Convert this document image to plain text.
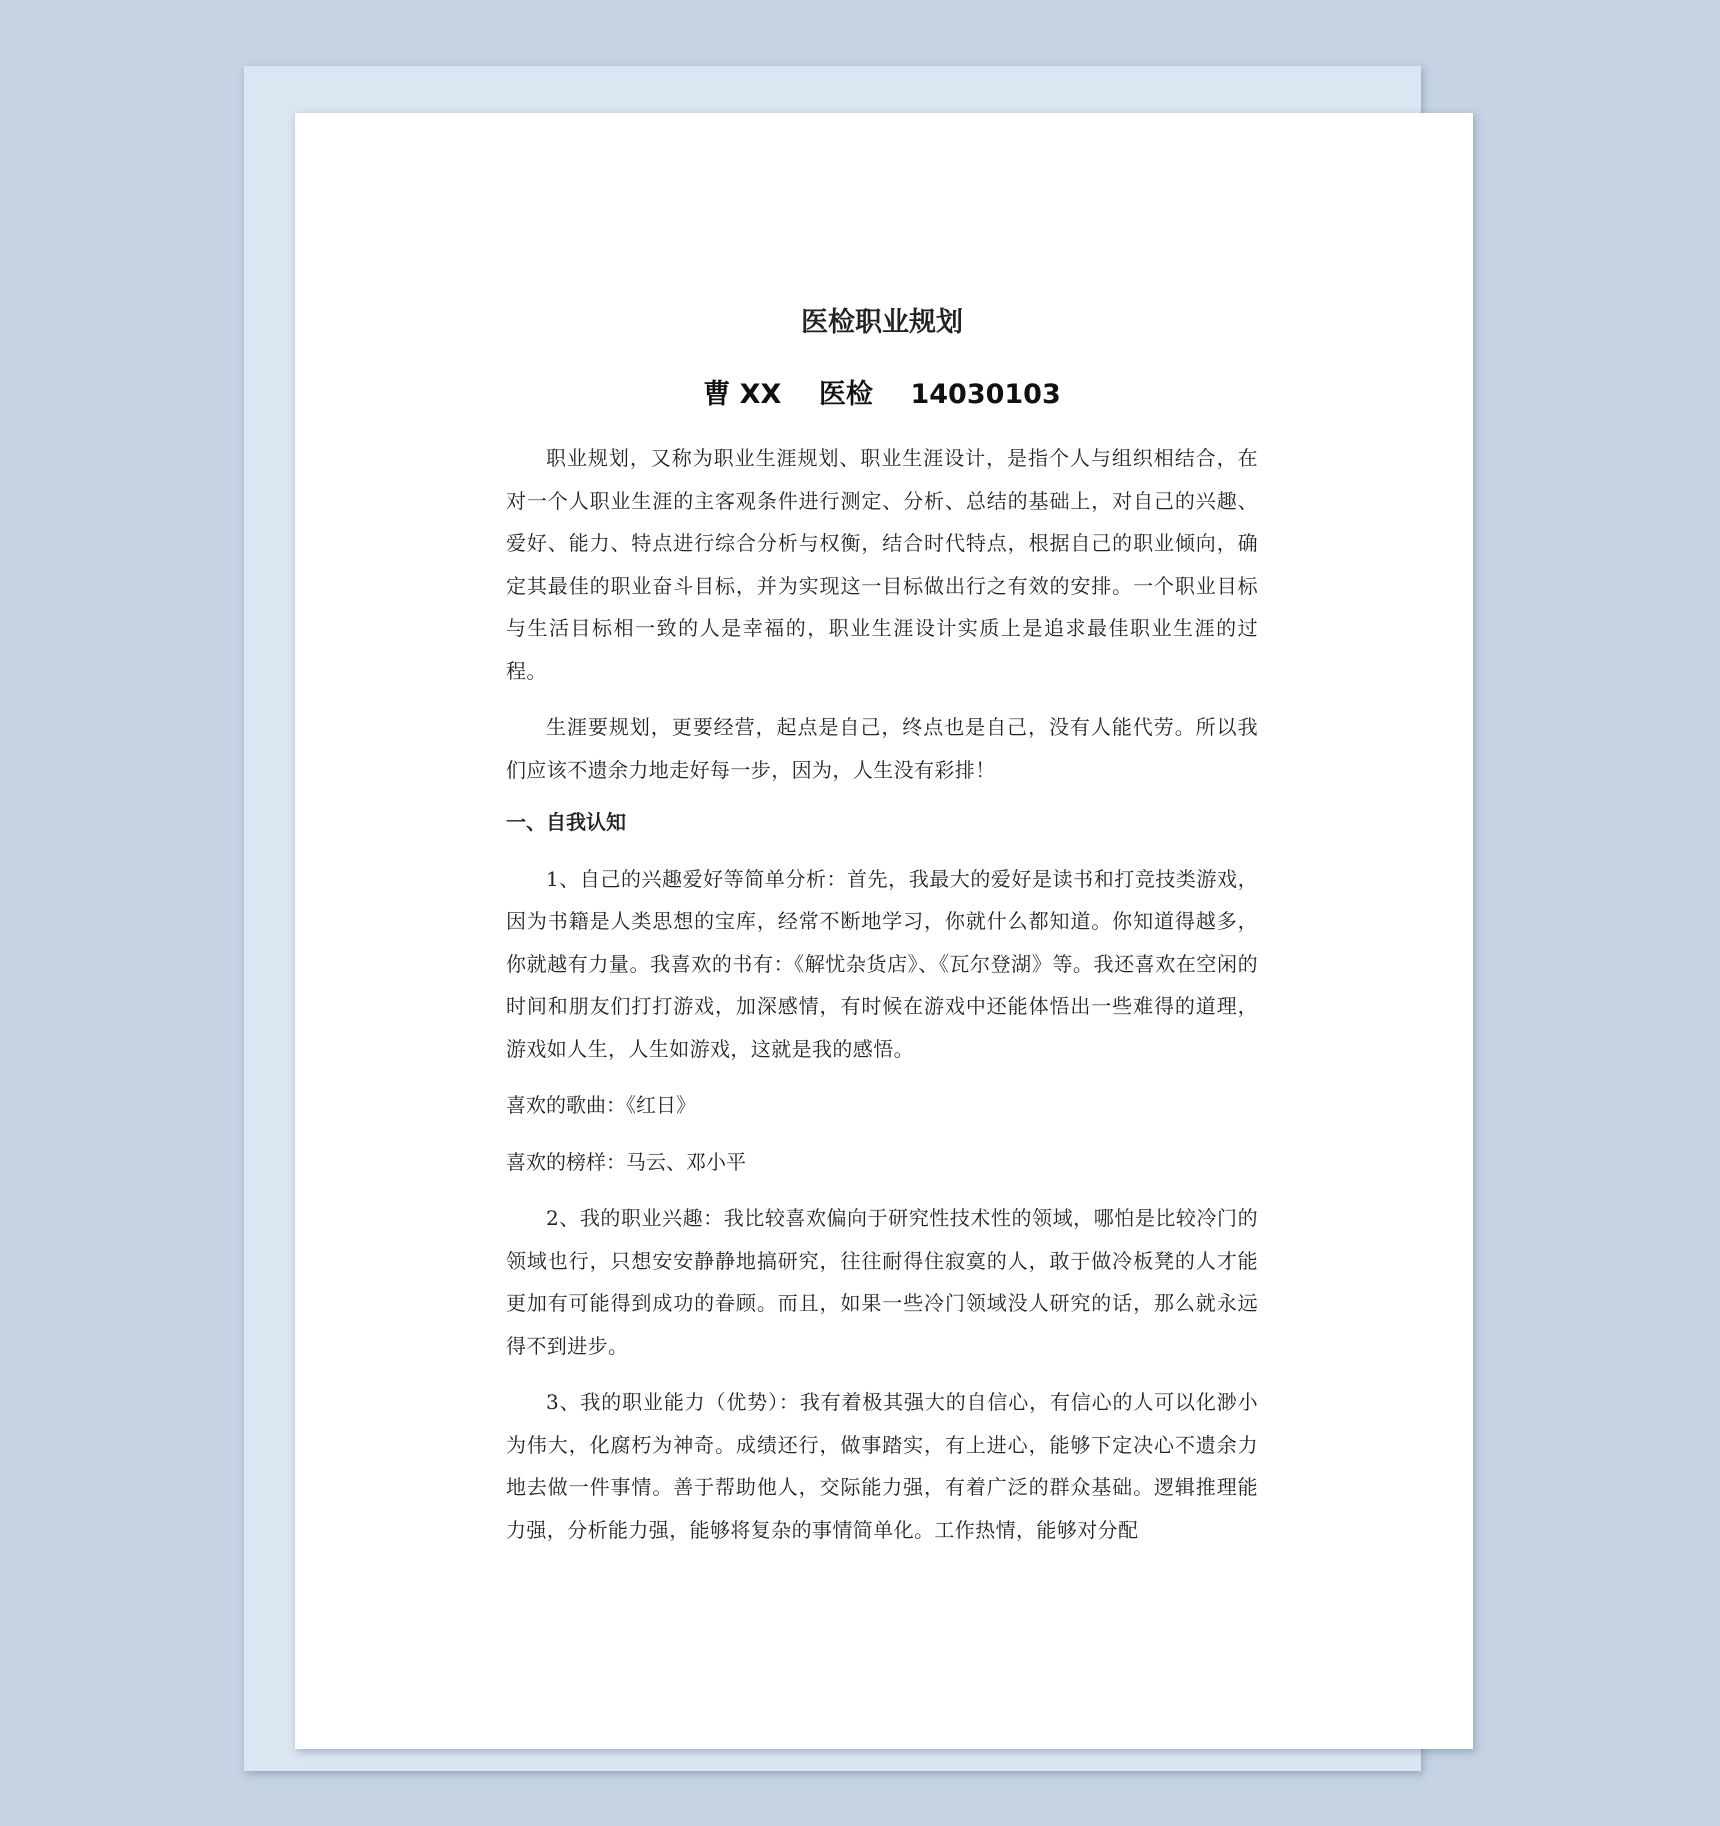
医检职业规划
曹 XX    医检    14030103

职业规划，又称为职业生涯规划、职业生涯设计，是指个人与组织相结合，在对一个人职业生涯的主客观条件进行测定、分析、总结的基础上，对自己的兴趣、爱好、能力、特点进行综合分析与权衡，结合时代特点，根据自己的职业倾向，确定其最佳的职业奋斗目标，并为实现这一目标做出行之有效的安排。一个职业目标与生活目标相一致的人是幸福的，职业生涯设计实质上是追求最佳职业生涯的过程。

生涯要规划，更要经营，起点是自己，终点也是自己，没有人能代劳。所以我们应该不遗余力地走好每一步，因为，人生没有彩排！

一、自我认知

1、自己的兴趣爱好等简单分析：首先，我最大的爱好是读书和打竞技类游戏，因为书籍是人类思想的宝库，经常不断地学习，你就什么都知道。你知道得越多，你就越有力量。我喜欢的书有：《解忧杂货店》、《瓦尔登湖》等。我还喜欢在空闲的时间和朋友们打打游戏，加深感情，有时候在游戏中还能体悟出一些难得的道理，游戏如人生，人生如游戏，这就是我的感悟。

喜欢的歌曲：《红日》

喜欢的榜样：马云、邓小平

2、我的职业兴趣：我比较喜欢偏向于研究性技术性的领域，哪怕是比较冷门的领域也行，只想安安静静地搞研究，往往耐得住寂寞的人，敢于做冷板凳的人才能更加有可能得到成功的眷顾。而且，如果一些冷门领域没人研究的话，那么就永远得不到进步。

3、我的职业能力（优势）：我有着极其强大的自信心，有信心的人可以化渺小为伟大，化腐朽为神奇。成绩还行，做事踏实，有上进心，能够下定决心不遗余力地去做一件事情。善于帮助他人，交际能力强，有着广泛的群众基础。逻辑推理能力强，分析能力强，能够将复杂的事情简单化。工作热情，能够对分配
